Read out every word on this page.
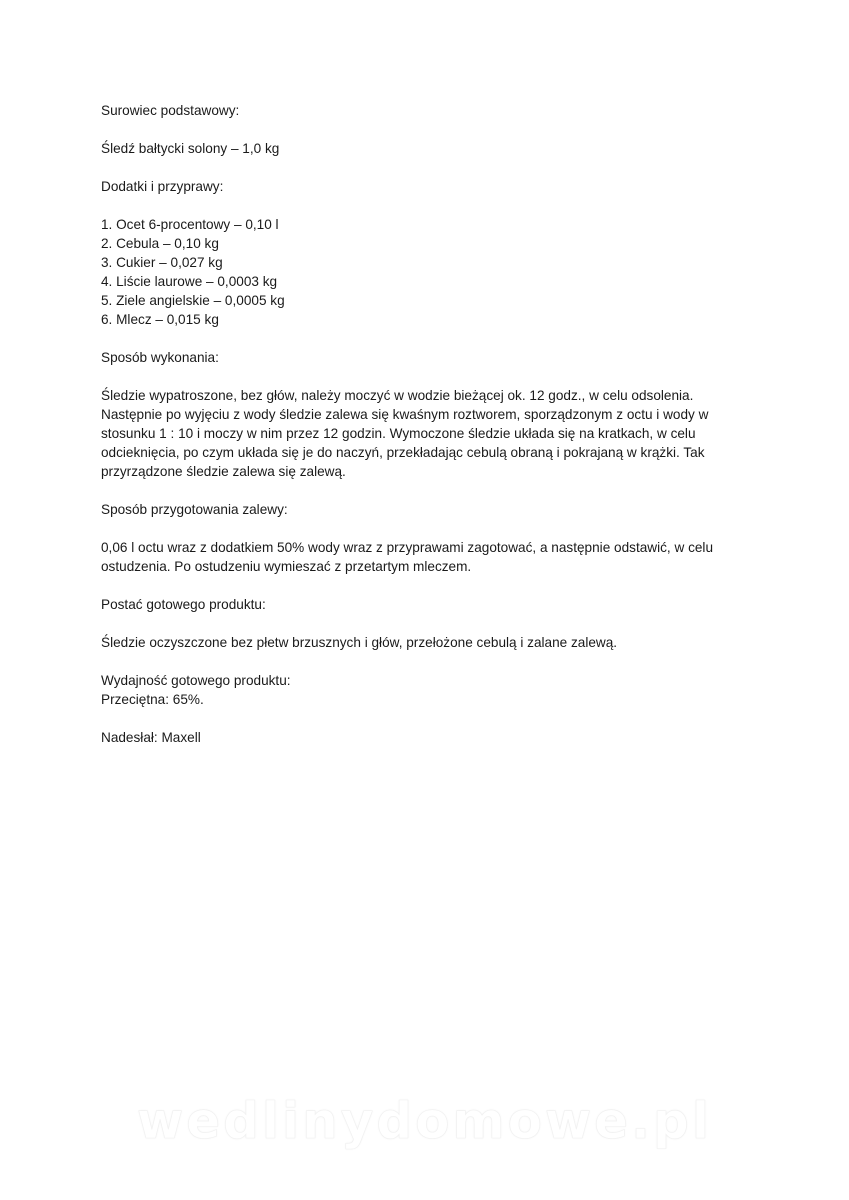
Surowiec podstawowy:

Śledź bałtycki solony – 1,0 kg

Dodatki i przyprawy:

1. Ocet 6-procentowy – 0,10 l
2. Cebula – 0,10 kg
3. Cukier – 0,027 kg
4. Liście laurowe – 0,0003 kg
5. Ziele angielskie – 0,0005 kg
6. Mlecz – 0,015 kg

Sposób wykonania:

Śledzie wypatroszone, bez głów, należy moczyć w wodzie bieżącej ok. 12 godz., w celu odsolenia.
Następnie po wyjęciu z wody śledzie zalewa się kwaśnym roztworem, sporządzonym z octu i wody w
stosunku 1 : 10 i moczy w nim przez 12 godzin. Wymoczone śledzie układa się na kratkach, w celu
odcieknięcia, po czym układa się je do naczyń, przekładając cebulą obraną i pokrajaną w krążki. Tak
przyrządzone śledzie zalewa się zalewą.

Sposób przygotowania zalewy:

0,06 l octu wraz z dodatkiem 50% wody wraz z przyprawami zagotować, a następnie odstawić, w celu
ostudzenia. Po ostudzeniu wymieszać z przetartym mleczem.

Postać gotowego produktu:

Śledzie oczyszczone bez płetw brzusznych i głów, przełożone cebulą i zalane zalewą.

Wydajność gotowego produktu:

Przeciętna: 65%.

Nadesłał: Maxell

wedlinydomowe.pl
